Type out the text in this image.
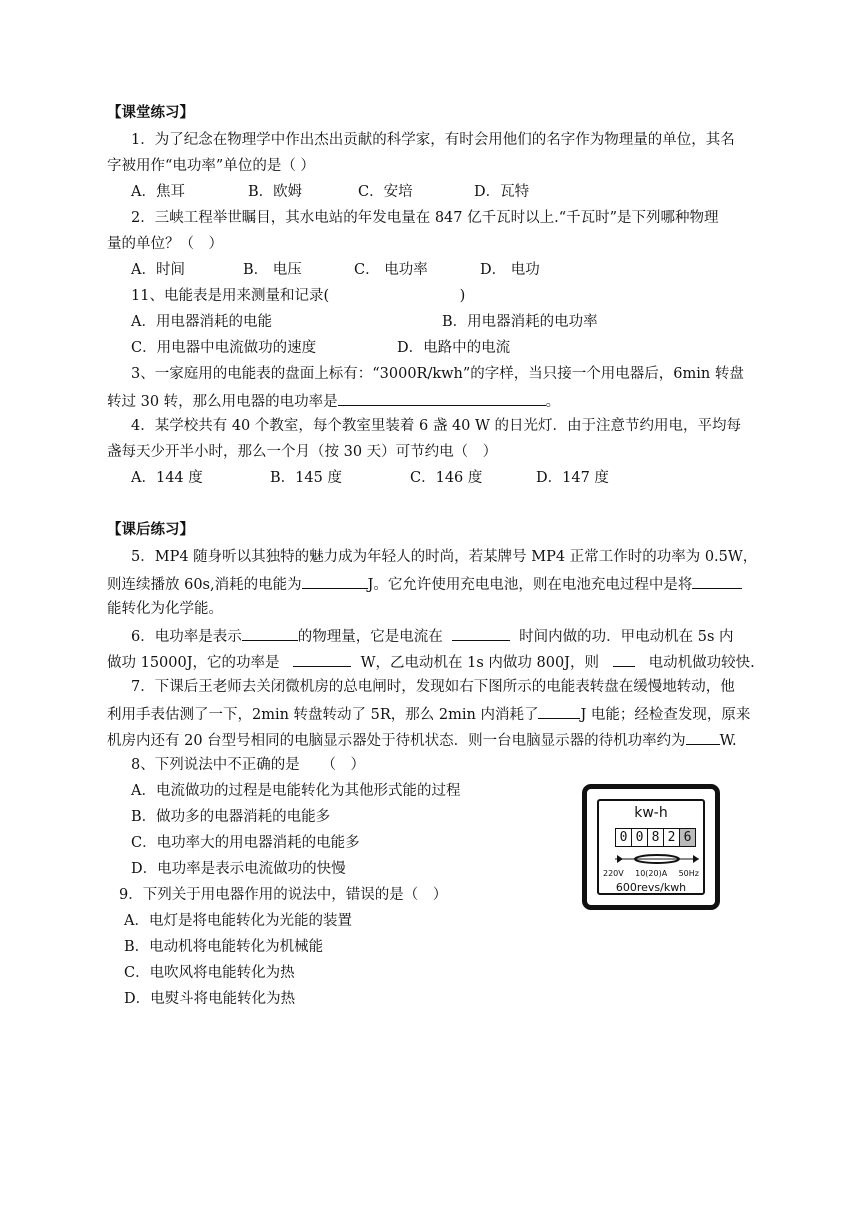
【课堂练习】
1．为了纪念在物理学中作出杰出贡献的科学家，有时会用他们的名字作为物理量的单位，其名
字被用作“电功率”单位的是（ ）
A．焦耳	B．欧姆	C．安培	D．瓦特
2．三峡工程举世瞩目，其水电站的年发电量在 847 亿千瓦时以上.“千瓦时”是下列哪种物理
量的单位？（　）
A．时间	B． 电压	C． 电功率	D． 电功
11、电能表是用来测量和记录(　　　　　　　　　)
A．用电器消耗的电能	B．用电器消耗的电功率
C．用电器中电流做功的速度	D．电路中的电流
3、一家庭用的电能表的盘面上标有：“3000R/kwh”的字样，当只接一个用电器后，6min 转盘
转过 30 转，那么用电器的电功率是	。
4．某学校共有 40 个教室，每个教室里装着 6 盏 40 W 的日光灯．由于注意节约用电，平均每
盏每天少开半小时，那么一个月（按 30 天）可节约电（　）
A．144 度	B．145 度	C．146 度	D．147 度
【课后练习】
5．MP4 随身听以其独特的魅力成为年轻人的时尚，若某牌号 MP4 正常工作时的功率为 0.5W，
则连续播放 60s,消耗的电能为	J。它允许使用充电电池，则在电池充电过程中是将
能转化为化学能。
6．电功率是表示	的物理量，它是电流在	时间内做的功．甲电动机在 5s 内
做功 15000J，它的功率是	W，乙电动机在 1s 内做功 800J，则	电动机做功较快.
7．下课后王老师去关闭微机房的总电闸时，发现如右下图所示的电能表转盘在缓慢地转动，他
利用手表估测了一下，2min 转盘转动了 5R，那么 2min 内消耗了	J 电能；经检查发现，原来
机房内还有 20 台型号相同的电脑显示器处于待机状态．则一台电脑显示器的待机功率约为 W.
8、下列说法中不正确的是　　（　）
A．电流做功的过程是电能转化为其他形式能的过程
B．做功多的电器消耗的电能多
C．电功率大的用电器消耗的电能多
D．电功率是表示电流做功的快慢
9．下列关于用电器作用的说法中，错误的是（　）
A．电灯是将电能转化为光能的装置
B．电动机将电能转化为机械能
C．电吹风将电能转化为热
D．电熨斗将电能转化为热
kw-h
0 0 8 2 6
220V 10(20)A 50Hz
600revs/kwh
